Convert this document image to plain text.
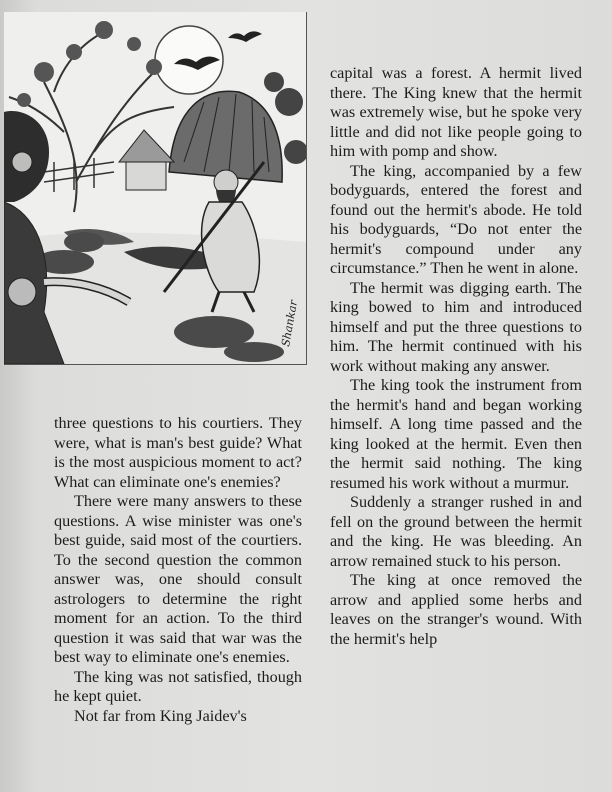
Shankar

three questions to his courtiers. They were, what is man's best guide? What is the most auspicious moment to act? What can eliminate one's enemies?

There were many answers to these questions. A wise minister was one's best guide, said most of the courtiers. To the second question the common answer was, one should consult astrologers to determine the right moment for an action. To the third question it was said that war was the best way to eliminate one's enemies.

The king was not satisfied, though he kept quiet.

Not far from King Jaidev's

capital was a forest. A hermit lived there. The King knew that the hermit was extremely wise, but he spoke very little and did not like people going to him with pomp and show.

The king, accompanied by a few bodyguards, entered the forest and found out the hermit's abode. He told his bodyguards, “Do not enter the hermit's compound under any circumstance.” Then he went in alone.

The hermit was digging earth. The king bowed to him and introduced himself and put the three questions to him. The hermit continued with his work without making any answer.

The king took the instrument from the hermit's hand and began working himself. A long time passed and the king looked at the hermit. Even then the hermit said nothing. The king resumed his work without a murmur.

Suddenly a stranger rushed in and fell on the ground between the hermit and the king. He was bleeding. An arrow remained stuck to his person.

The king at once removed the arrow and applied some herbs and leaves on the stranger's wound. With the hermit's help
